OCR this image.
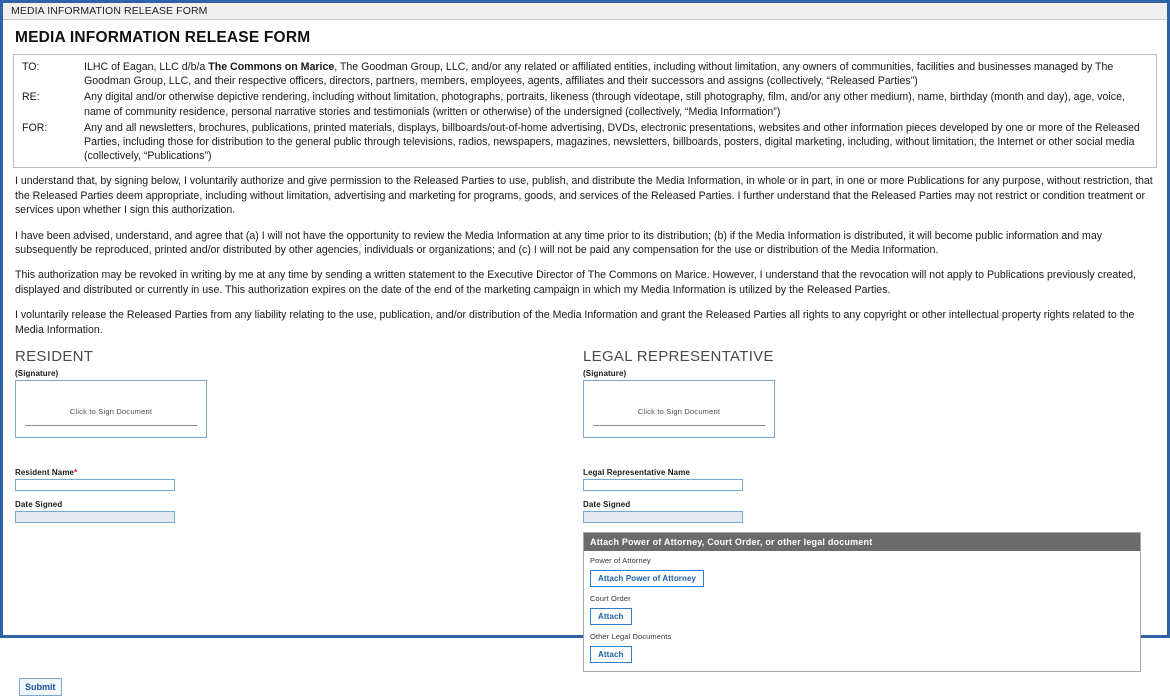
MEDIA INFORMATION RELEASE FORM
MEDIA INFORMATION RELEASE FORM
TO:	ILHC of Eagan, LLC d/b/a The Commons on Marice, The Goodman Group, LLC, and/or any related or affiliated entities, including without limitation, any owners of communities, facilities and businesses managed by The Goodman Group, LLC, and their respective officers, directors, partners, members, employees, agents, affiliates and their successors and assigns (collectively, “Released Parties”)
RE:	Any digital and/or otherwise depictive rendering, including without limitation, photographs, portraits, likeness (through videotape, still photography, film, and/or any other medium), name, birthday (month and day), age, voice, name of community residence, personal narrative stories and testimonials (written or otherwise) of the undersigned (collectively, “Media Information”)
FOR:	Any and all newsletters, brochures, publications, printed materials, displays, billboards/out-of-home advertising, DVDs, electronic presentations, websites and other information pieces developed by one or more of the Released Parties, including those for distribution to the general public through televisions, radios, newspapers, magazines, newsletters, billboards, posters, digital marketing, including, without limitation, the Internet or other social media (collectively, “Publications”)

I understand that, by signing below, I voluntarily authorize and give permission to the Released Parties to use, publish, and distribute the Media Information, in whole or in part, in one or more Publications for any purpose, without restriction, that the Released Parties deem appropriate, including without limitation, advertising and marketing for programs, goods, and services of the Released Parties. I further understand that the Released Parties may not restrict or condition treatment or services upon whether I sign this authorization.

I have been advised, understand, and agree that (a) I will not have the opportunity to review the Media Information at any time prior to its distribution; (b) if the Media Information is distributed, it will become public information and may subsequently be reproduced, printed and/or distributed by other agencies, individuals or organizations; and (c) I will not be paid any compensation for the use or distribution of the Media Information.

This authorization may be revoked in writing by me at any time by sending a written statement to the Executive Director of The Commons on Marice. However, I understand that the revocation will not apply to Publications previously created, displayed and distributed or currently in use. This authorization expires on the date of the end of the marketing campaign in which my Media Information is utilized by the Released Parties.

I voluntarily release the Released Parties from any liability relating to the use, publication, and/or distribution of the Media Information and grant the Released Parties all rights to any copyright or other intellectual property rights related to the Media Information.

RESIDENT
(Signature)
Click to Sign Document
Resident Name*
Date Signed
LEGAL REPRESENTATIVE
(Signature)
Click to Sign Document
Legal Representative Name
Date Signed
Attach Power of Attorney, Court Order, or other legal document
Power of Attorney
Attach Power of Attorney
Court Order
Attach
Other Legal Documents
Attach
Submit
